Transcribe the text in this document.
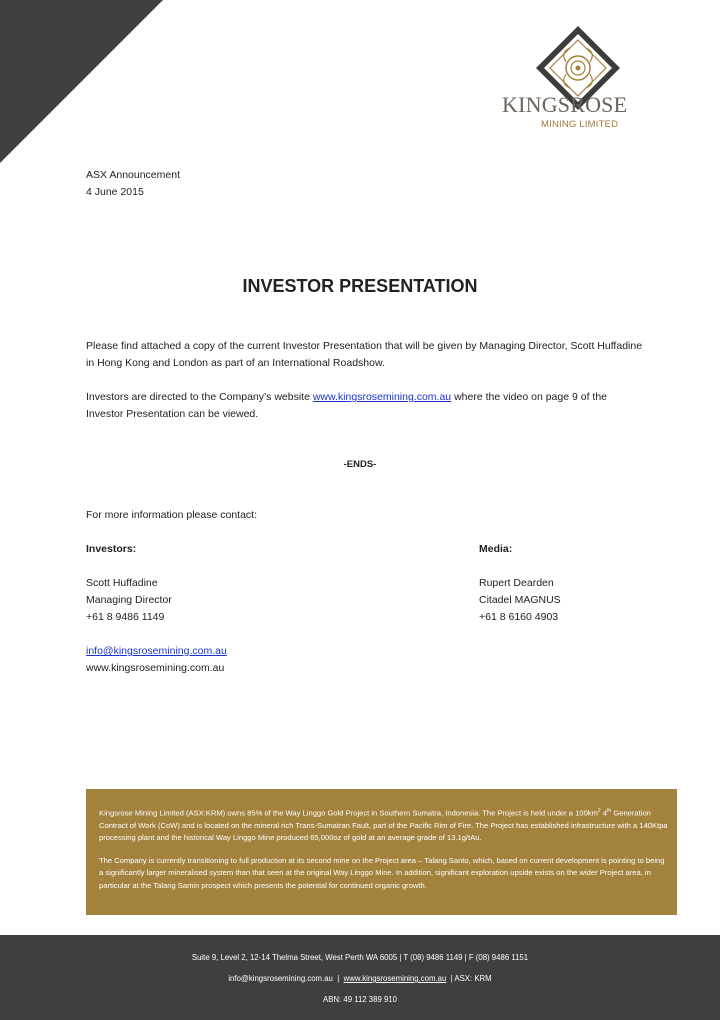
KINGSROSE
MINING LIMITED
ASX Announcement
4 June 2015
INVESTOR PRESENTATION
Please find attached a copy of the current Investor Presentation that will be given by Managing Director, Scott Huffadine in Hong Kong and London as part of an International Roadshow.
Investors are directed to the Company’s website www.kingsrosemining.com.au where the video on page 9 of the Investor Presentation can be viewed.
-ENDS-
For more information please contact:
Investors:
Scott Huffadine
Managing Director
+61 8 9486 1149
info@kingsrosemining.com.au
www.kingsrosemining.com.au
Media:
Rupert Dearden
Citadel MAGNUS
+61 8 6160 4903

Kingsrose Mining Limited (ASX:KRM) owns 85% of the Way Linggo Gold Project in Southern Sumatra, Indonesia. The Project is held under a $100km^2$ 4th Generation Contract of Work (CoW) and is located on the mineral rich Trans-Sumatran Fault, part of the Pacific Rim of Fire. The Project has established infrastructure with a 140Ktpa processing plant and the historical Way Linggo Mine produced 65,000oz of gold at an average grade of 13.1g/tAu.

The Company is currently transitioning to full production at its second mine on the Project area – Talang Santo, which, based on current development is pointing to being a significantly larger mineralised system than that seen at the original Way Linggo Mine. In addition, significant exploration upside exists on the wider Project area, in particular at the Talang Samin prospect which presents the potential for continued organic growth.

Suite 9, Level 2, 12-14 Thelma Street, West Perth WA 6005 | T (08) 9486 1149 | F (08) 9486 1151
info@kingsrosemining.com.au  |  www.kingsrosemining.com.au  | ASX: KRM
ABN: 49 112 389 910
